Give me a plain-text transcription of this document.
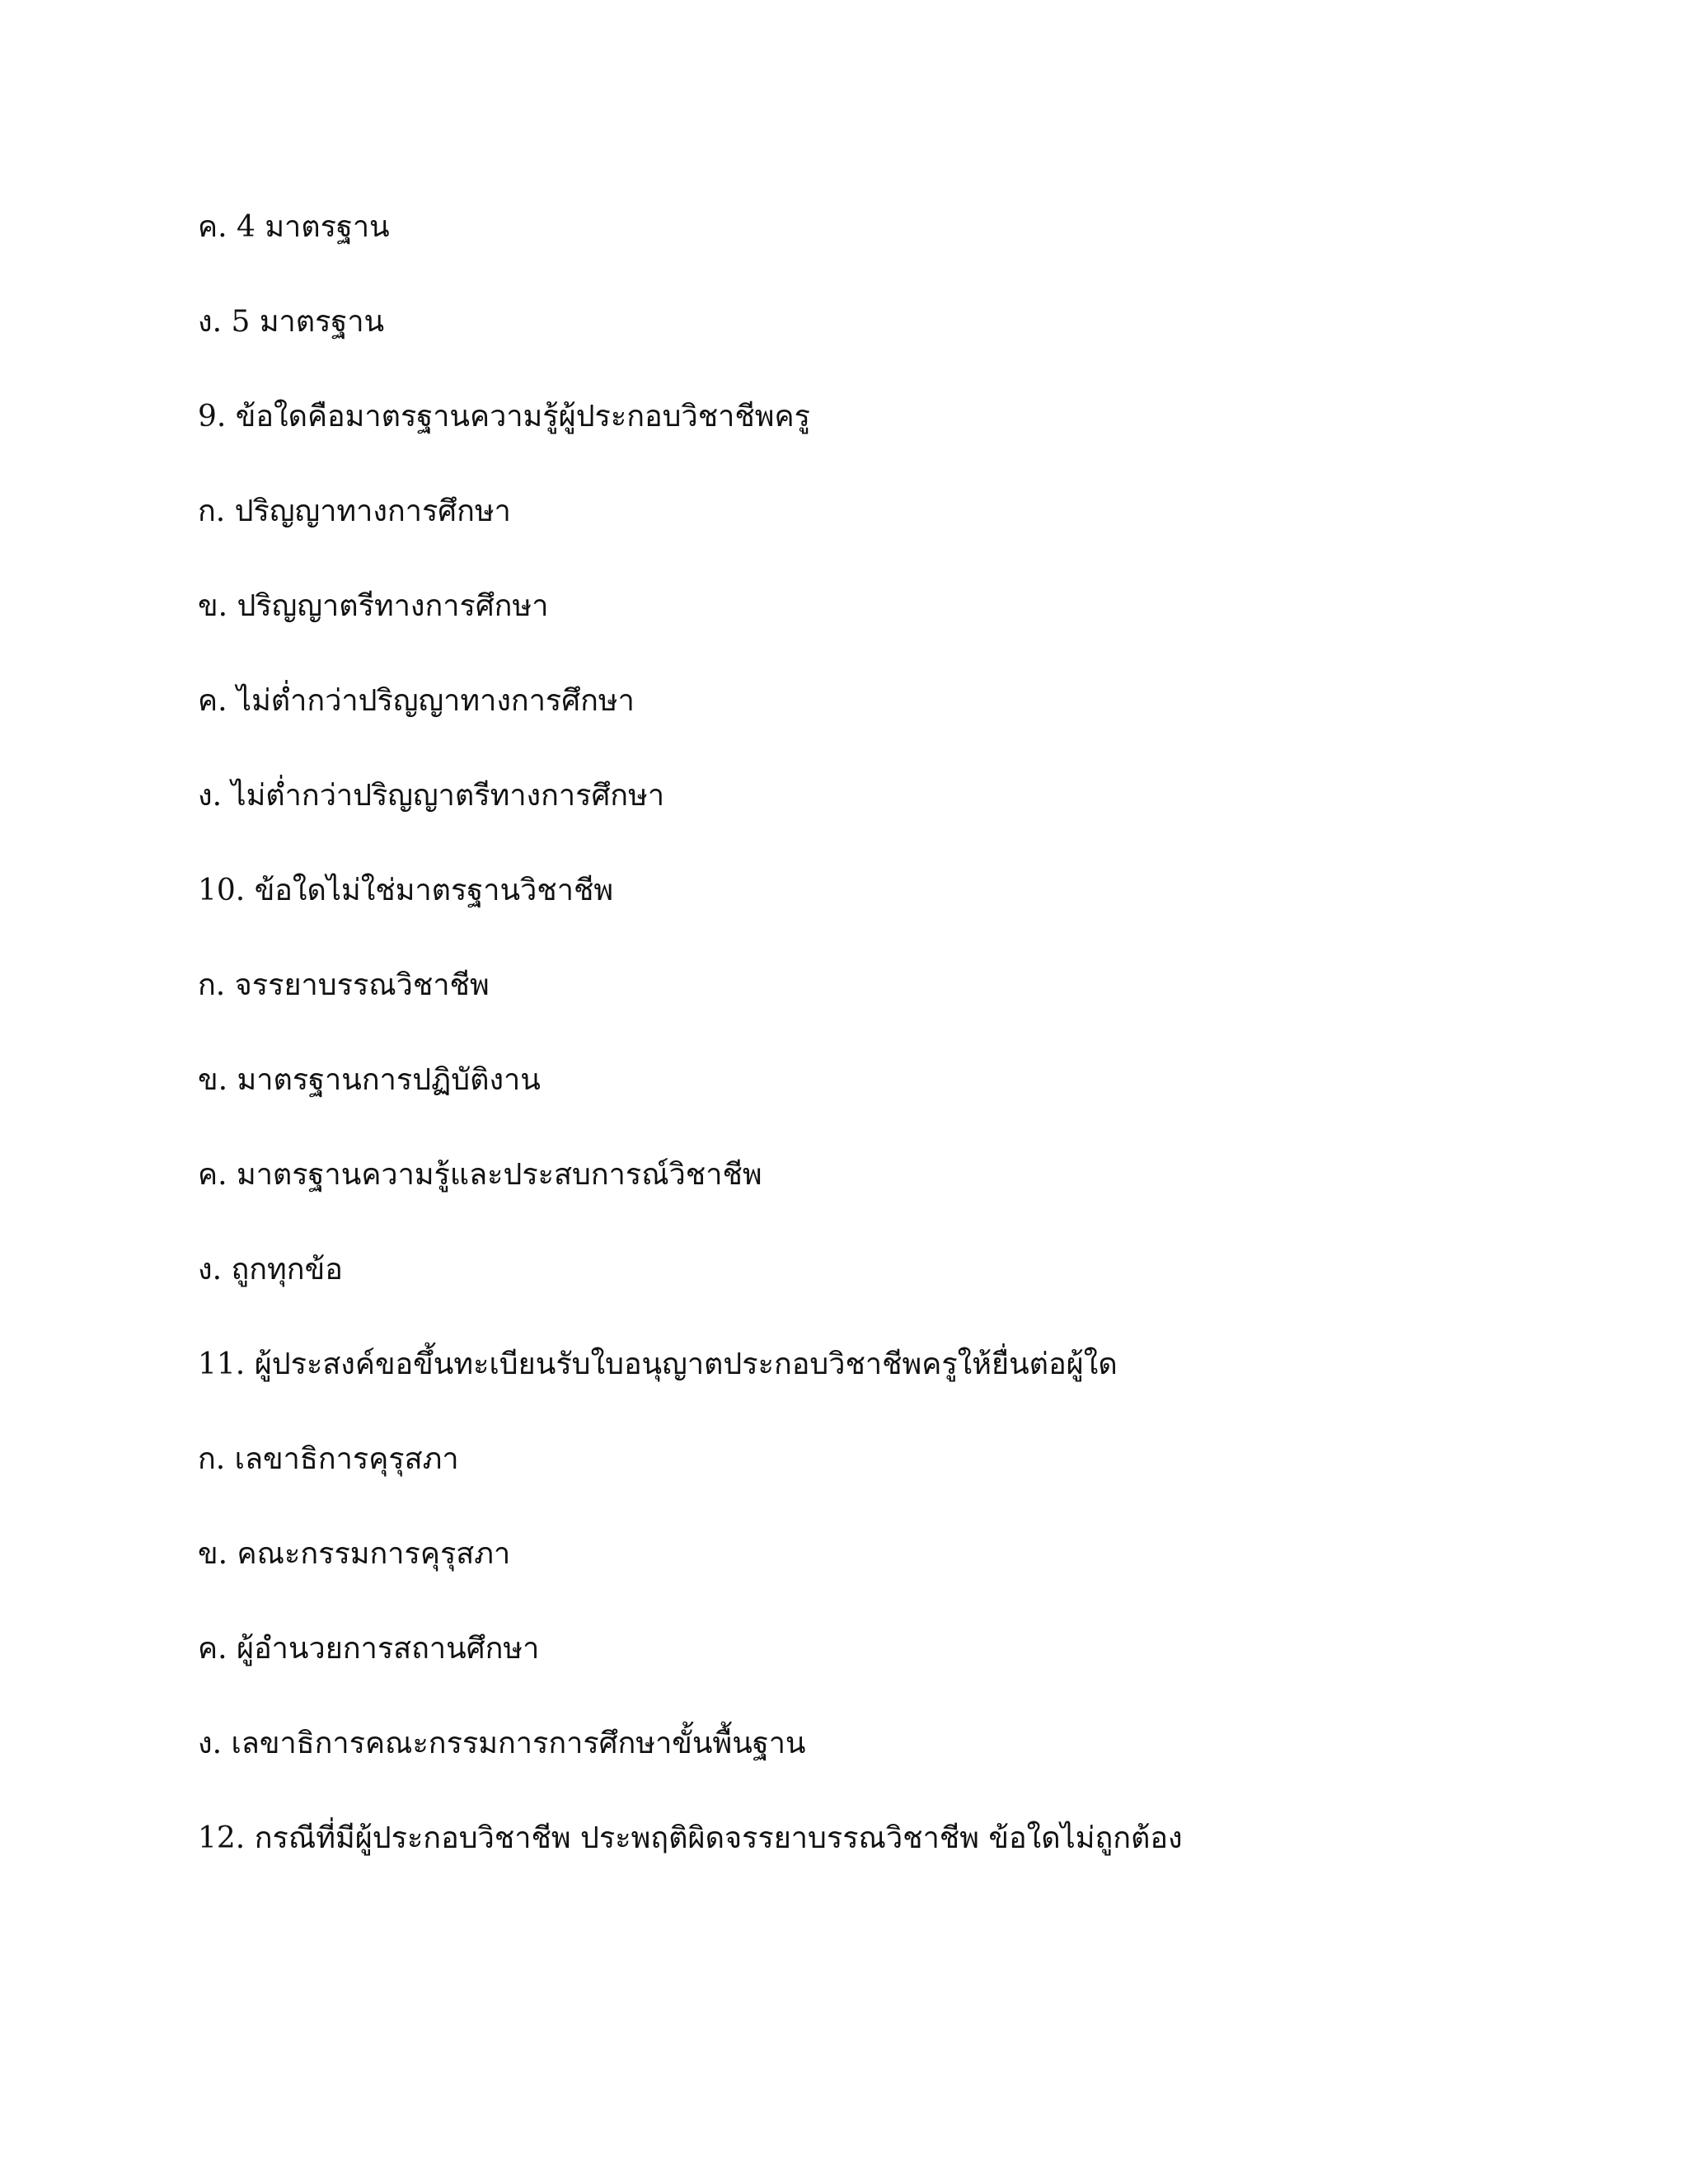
ค. 4 มาตรฐาน
ง. 5 มาตรฐาน
9. ข้อใดคือมาตรฐานความรู้ผู้ประกอบวิชาชีพครู
ก. ปริญญาทางการศึกษา
ข. ปริญญาตรีทางการศึกษา
ค. ไม่ต่ำกว่าปริญญาทางการศึกษา
ง. ไม่ต่ำกว่าปริญญาตรีทางการศึกษา
10. ข้อใดไม่ใช่มาตรฐานวิชาชีพ
ก. จรรยาบรรณวิชาชีพ
ข. มาตรฐานการปฏิบัติงาน
ค. มาตรฐานความรู้และประสบการณ์วิชาชีพ
ง. ถูกทุกข้อ
11. ผู้ประสงค์ขอขึ้นทะเบียนรับใบอนุญาตประกอบวิชาชีพครูให้ยื่นต่อผู้ใด
ก. เลขาธิการคุรุสภา
ข. คณะกรรมการคุรุสภา
ค. ผู้อำนวยการสถานศึกษา
ง. เลขาธิการคณะกรรมการการศึกษาขั้นพื้นฐาน
12. กรณีที่มีผู้ประกอบวิชาชีพ ประพฤติผิดจรรยาบรรณวิชาชีพ ข้อใดไม่ถูกต้อง
